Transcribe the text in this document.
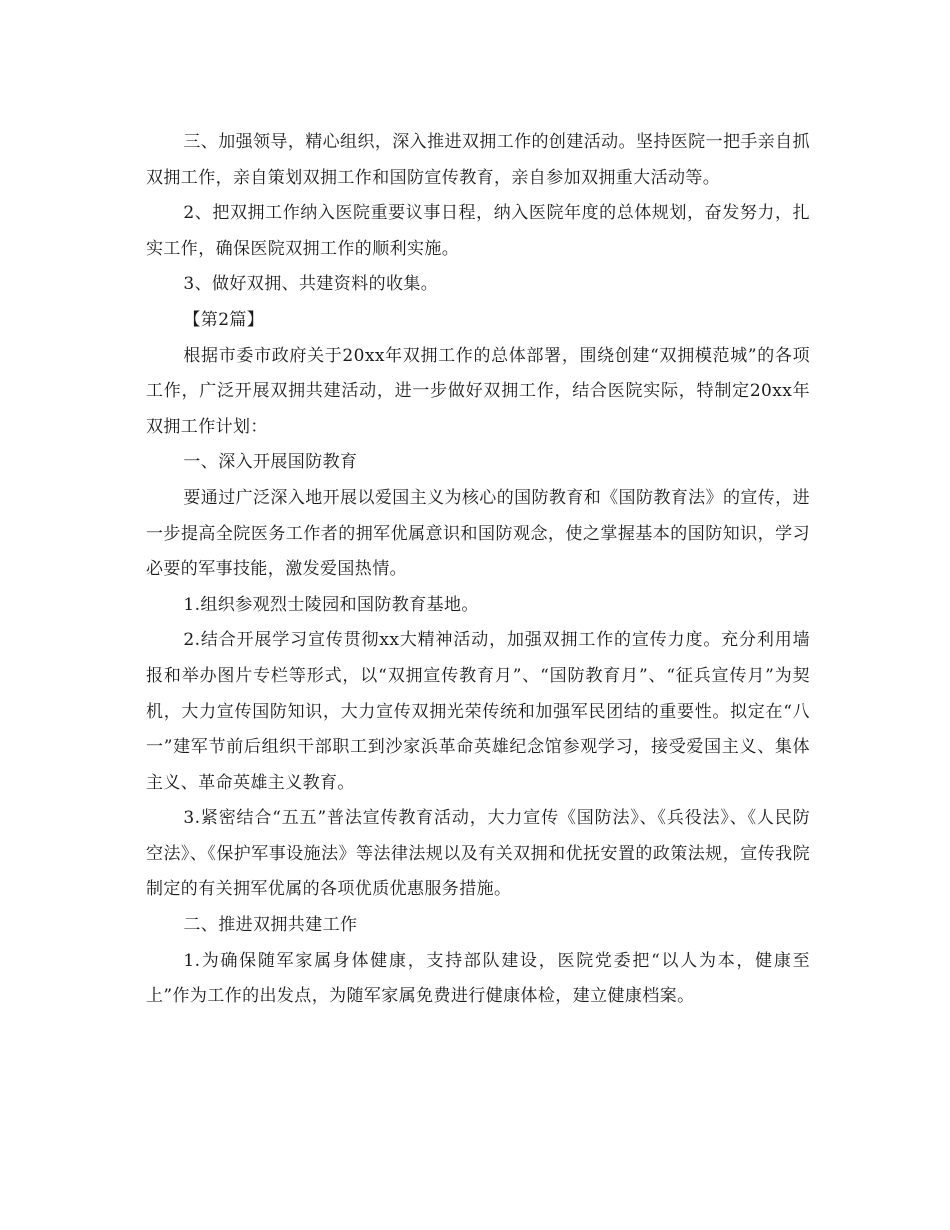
三、加强领导，精心组织，深入推进双拥工作的创建活动。坚持医院一把手亲自抓双拥工作，亲自策划双拥工作和国防宣传教育，亲自参加双拥重大活动等。

2、把双拥工作纳入医院重要议事日程，纳入医院年度的总体规划，奋发努力，扎实工作，确保医院双拥工作的顺利实施。

3、做好双拥、共建资料的收集。

【第2篇】

根据市委市政府关于20xx年双拥工作的总体部署，围绕创建“双拥模范城”的各项工作，广泛开展双拥共建活动，进一步做好双拥工作，结合医院实际，特制定20xx年双拥工作计划：

一、深入开展国防教育

要通过广泛深入地开展以爱国主义为核心的国防教育和《国防教育法》的宣传，进一步提高全院医务工作者的拥军优属意识和国防观念，使之掌握基本的国防知识，学习必要的军事技能，激发爱国热情。

1.组织参观烈士陵园和国防教育基地。

2.结合开展学习宣传贯彻xx大精神活动，加强双拥工作的宣传力度。充分利用墙报和举办图片专栏等形式，以“双拥宣传教育月”、“国防教育月”、“征兵宣传月”为契机，大力宣传国防知识，大力宣传双拥光荣传统和加强军民团结的重要性。拟定在“八一”建军节前后组织干部职工到沙家浜革命英雄纪念馆参观学习，接受爱国主义、集体主义、革命英雄主义教育。

3.紧密结合“五五”普法宣传教育活动，大力宣传《国防法》、《兵役法》、《人民防空法》、《保护军事设施法》等法律法规以及有关双拥和优抚安置的政策法规，宣传我院制定的有关拥军优属的各项优质优惠服务措施。

二、推进双拥共建工作

1.为确保随军家属身体健康，支持部队建设，医院党委把“以人为本，健康至上”作为工作的出发点，为随军家属免费进行健康体检，建立健康档案。
